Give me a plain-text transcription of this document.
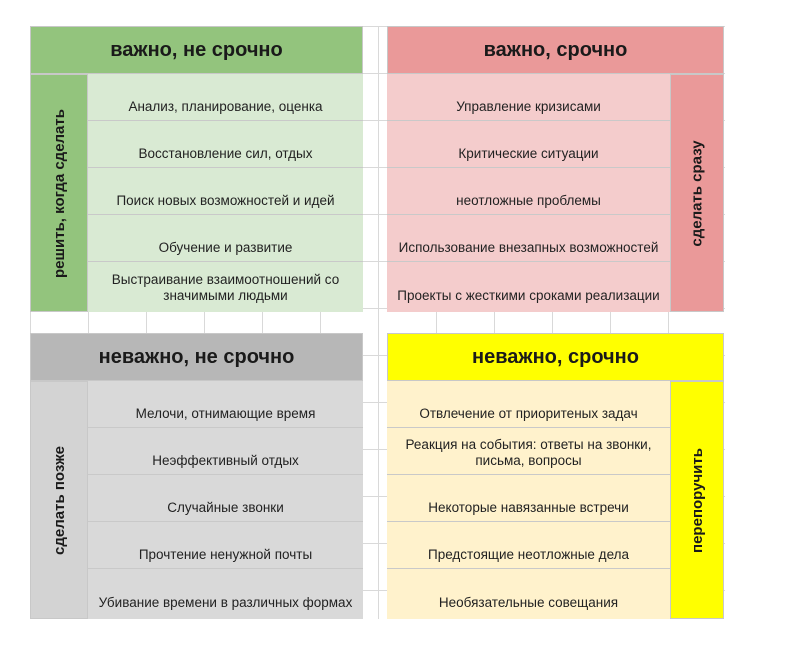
важно, не срочно
решить, когда сделать
Анализ, планирование, оценка
Восстановление сил, отдых
Поиск новых возможностей и идей
Обучение и развитие
Выстраивание взаимоотношений со значимыми людьми
важно, срочно
Управление кризисами
Критические ситуации
неотложные проблемы
Использование внезапных возможностей
Проекты с жесткими сроками реализации
сделать сразу
неважно, не срочно
сделать позже
Мелочи, отнимающие время
Неэффективный отдых
Случайные звонки
Прочтение ненужной почты
Убивание времени в различных формах
неважно, срочно
Отвлечение от приоритеных задач
Реакция на события: ответы на звонки, письма, вопросы
Некоторые навязанные встречи
Предстоящие неотложные дела
Необязательные совещания
перепоручить
